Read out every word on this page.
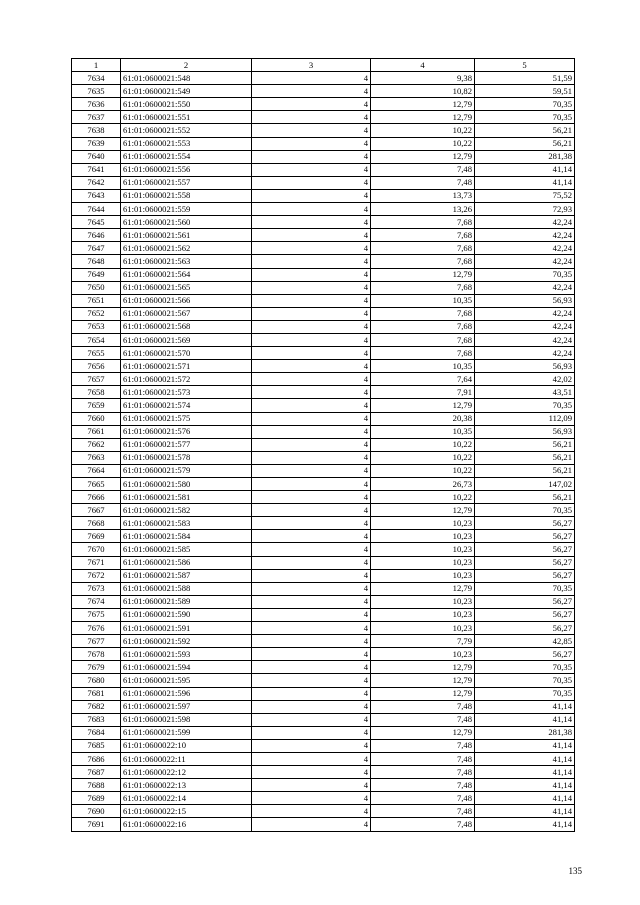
1	2	3	4	5
7634	61:01:0600021:548	4	9,38	51,59
7635	61:01:0600021:549	4	10,82	59,51
7636	61:01:0600021:550	4	12,79	70,35
7637	61:01:0600021:551	4	12,79	70,35
7638	61:01:0600021:552	4	10,22	56,21
7639	61:01:0600021:553	4	10,22	56,21
7640	61:01:0600021:554	4	12,79	281,38
7641	61:01:0600021:556	4	7,48	41,14
7642	61:01:0600021:557	4	7,48	41,14
7643	61:01:0600021:558	4	13,73	75,52
7644	61:01:0600021:559	4	13,26	72,93
7645	61:01:0600021:560	4	7,68	42,24
7646	61:01:0600021:561	4	7,68	42,24
7647	61:01:0600021:562	4	7,68	42,24
7648	61:01:0600021:563	4	7,68	42,24
7649	61:01:0600021:564	4	12,79	70,35
7650	61:01:0600021:565	4	7,68	42,24
7651	61:01:0600021:566	4	10,35	56,93
7652	61:01:0600021:567	4	7,68	42,24
7653	61:01:0600021:568	4	7,68	42,24
7654	61:01:0600021:569	4	7,68	42,24
7655	61:01:0600021:570	4	7,68	42,24
7656	61:01:0600021:571	4	10,35	56,93
7657	61:01:0600021:572	4	7,64	42,02
7658	61:01:0600021:573	4	7,91	43,51
7659	61:01:0600021:574	4	12,79	70,35
7660	61:01:0600021:575	4	20,38	112,09
7661	61:01:0600021:576	4	10,35	56,93
7662	61:01:0600021:577	4	10,22	56,21
7663	61:01:0600021:578	4	10,22	56,21
7664	61:01:0600021:579	4	10,22	56,21
7665	61:01:0600021:580	4	26,73	147,02
7666	61:01:0600021:581	4	10,22	56,21
7667	61:01:0600021:582	4	12,79	70,35
7668	61:01:0600021:583	4	10,23	56,27
7669	61:01:0600021:584	4	10,23	56,27
7670	61:01:0600021:585	4	10,23	56,27
7671	61:01:0600021:586	4	10,23	56,27
7672	61:01:0600021:587	4	10,23	56,27
7673	61:01:0600021:588	4	12,79	70,35
7674	61:01:0600021:589	4	10,23	56,27
7675	61:01:0600021:590	4	10,23	56,27
7676	61:01:0600021:591	4	10,23	56,27
7677	61:01:0600021:592	4	7,79	42,85
7678	61:01:0600021:593	4	10,23	56,27
7679	61:01:0600021:594	4	12,79	70,35
7680	61:01:0600021:595	4	12,79	70,35
7681	61:01:0600021:596	4	12,79	70,35
7682	61:01:0600021:597	4	7,48	41,14
7683	61:01:0600021:598	4	7,48	41,14
7684	61:01:0600021:599	4	12,79	281,38
7685	61:01:0600022:10	4	7,48	41,14
7686	61:01:0600022:11	4	7,48	41,14
7687	61:01:0600022:12	4	7,48	41,14
7688	61:01:0600022:13	4	7,48	41,14
7689	61:01:0600022:14	4	7,48	41,14
7690	61:01:0600022:15	4	7,48	41,14
7691	61:01:0600022:16	4	7,48	41,14
135
